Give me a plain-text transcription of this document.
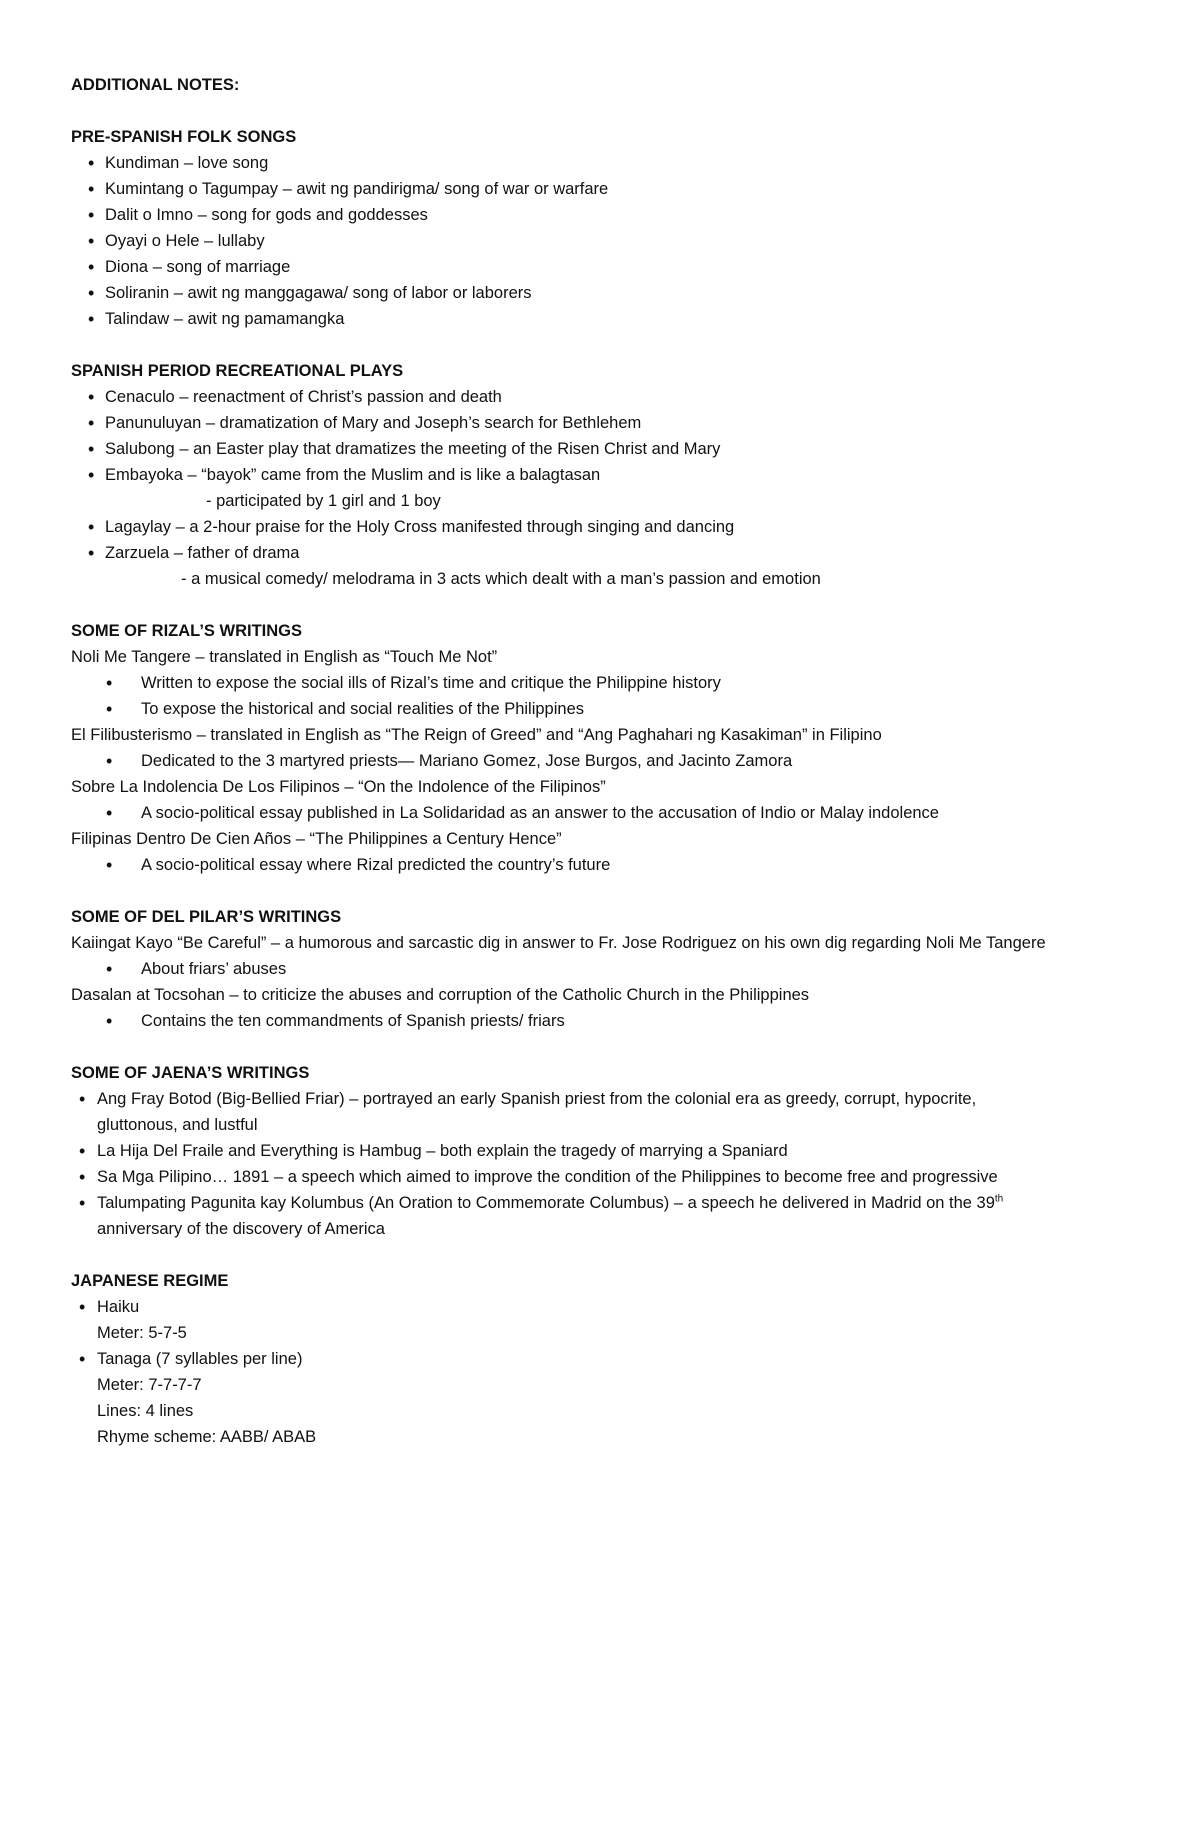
ADDITIONAL NOTES:
PRE-SPANISH FOLK SONGS
• Kundiman – love song
• Kumintang o Tagumpay – awit ng pandirigma/ song of war or warfare
• Dalit o Imno – song for gods and goddesses
• Oyayi o Hele – lullaby
• Diona – song of marriage
• Soliranin – awit ng manggagawa/ song of labor or laborers
• Talindaw – awit ng pamamangka
SPANISH PERIOD RECREATIONAL PLAYS
• Cenaculo – reenactment of Christ’s passion and death
• Panunuluyan – dramatization of Mary and Joseph’s search for Bethlehem
• Salubong – an Easter play that dramatizes the meeting of the Risen Christ and Mary
• Embayoka – “bayok” came from the Muslim and is like a balagtasan
- participated by 1 girl and 1 boy
• Lagaylay – a 2-hour praise for the Holy Cross manifested through singing and dancing
• Zarzuela – father of drama
- a musical comedy/ melodrama in 3 acts which dealt with a man’s passion and emotion
SOME OF RIZAL’S WRITINGS
Noli Me Tangere – translated in English as “Touch Me Not”
• Written to expose the social ills of Rizal’s time and critique the Philippine history
• To expose the historical and social realities of the Philippines
El Filibusterismo – translated in English as “The Reign of Greed” and “Ang Paghahari ng Kasakiman” in Filipino
• Dedicated to the 3 martyred priests— Mariano Gomez, Jose Burgos, and Jacinto Zamora
Sobre La Indolencia De Los Filipinos – “On the Indolence of the Filipinos”
• A socio-political essay published in La Solidaridad as an answer to the accusation of Indio or Malay indolence
Filipinas Dentro De Cien Años – “The Philippines a Century Hence”
• A socio-political essay where Rizal predicted the country’s future
SOME OF DEL PILAR’S WRITINGS
Kaiingat Kayo “Be Careful” – a humorous and sarcastic dig in answer to Fr. Jose Rodriguez on his own dig regarding Noli Me Tangere
• About friars’ abuses
Dasalan at Tocsohan – to criticize the abuses and corruption of the Catholic Church in the Philippines
• Contains the ten commandments of Spanish priests/ friars
SOME OF JAENA’S WRITINGS
• Ang Fray Botod (Big-Bellied Friar) – portrayed an early Spanish priest from the colonial era as greedy, corrupt, hypocrite,
gluttonous, and lustful
• La Hija Del Fraile and Everything is Hambug – both explain the tragedy of marrying a Spaniard
• Sa Mga Pilipino… 1891 – a speech which aimed to improve the condition of the Philippines to become free and progressive
• Talumpating Pagunita kay Kolumbus (An Oration to Commemorate Columbus) – a speech he delivered in Madrid on the 39th
anniversary of the discovery of America
JAPANESE REGIME
• Haiku
Meter: 5-7-5
• Tanaga (7 syllables per line)
Meter: 7-7-7-7
Lines: 4 lines
Rhyme scheme: AABB/ ABAB
